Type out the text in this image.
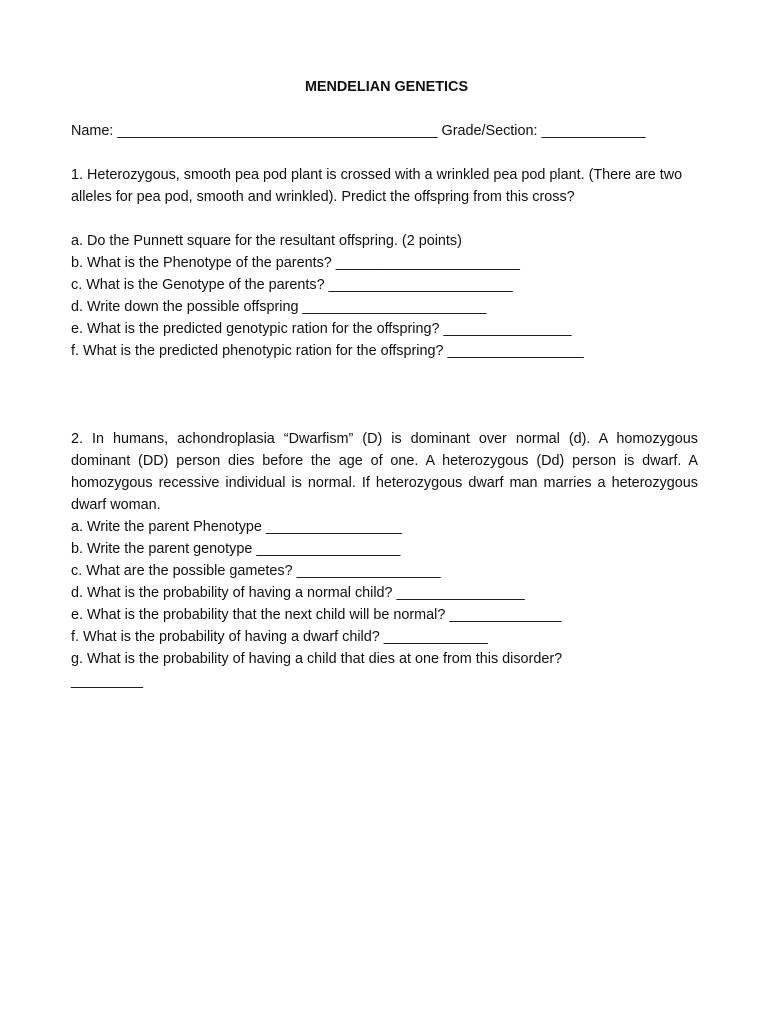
MENDELIAN GENETICS
Name: ________________________________________ Grade/Section: _____________

1. Heterozygous, smooth pea pod plant is crossed with a wrinkled pea pod plant. (There are two alleles for pea pod, smooth and wrinkled). Predict the offspring from this cross?

a. Do the Punnett square for the resultant offspring. (2 points)

b. What is the Phenotype of the parents? _______________________

c. What is the Genotype of the parents? _______________________

d. Write down the possible offspring _______________________

e. What is the predicted genotypic ration for the offspring? ________________

f. What is the predicted phenotypic ration for the offspring? _________________

2. In humans, achondroplasia “Dwarfism” (D) is dominant over normal (d). A homozygous dominant (DD) person dies before the age of one. A heterozygous (Dd) person is dwarf. A homozygous recessive individual is normal. If heterozygous dwarf man marries a heterozygous dwarf woman.

a. Write the parent Phenotype _________________

b. Write the parent genotype __________________

c. What are the possible gametes? __________________

d. What is the probability of having a normal child? ________________

e. What is the probability that the next child will be normal? ______________

f. What is the probability of having a dwarf child? _____________

g. What is the probability of having a child that dies at one from this disorder?

_________
